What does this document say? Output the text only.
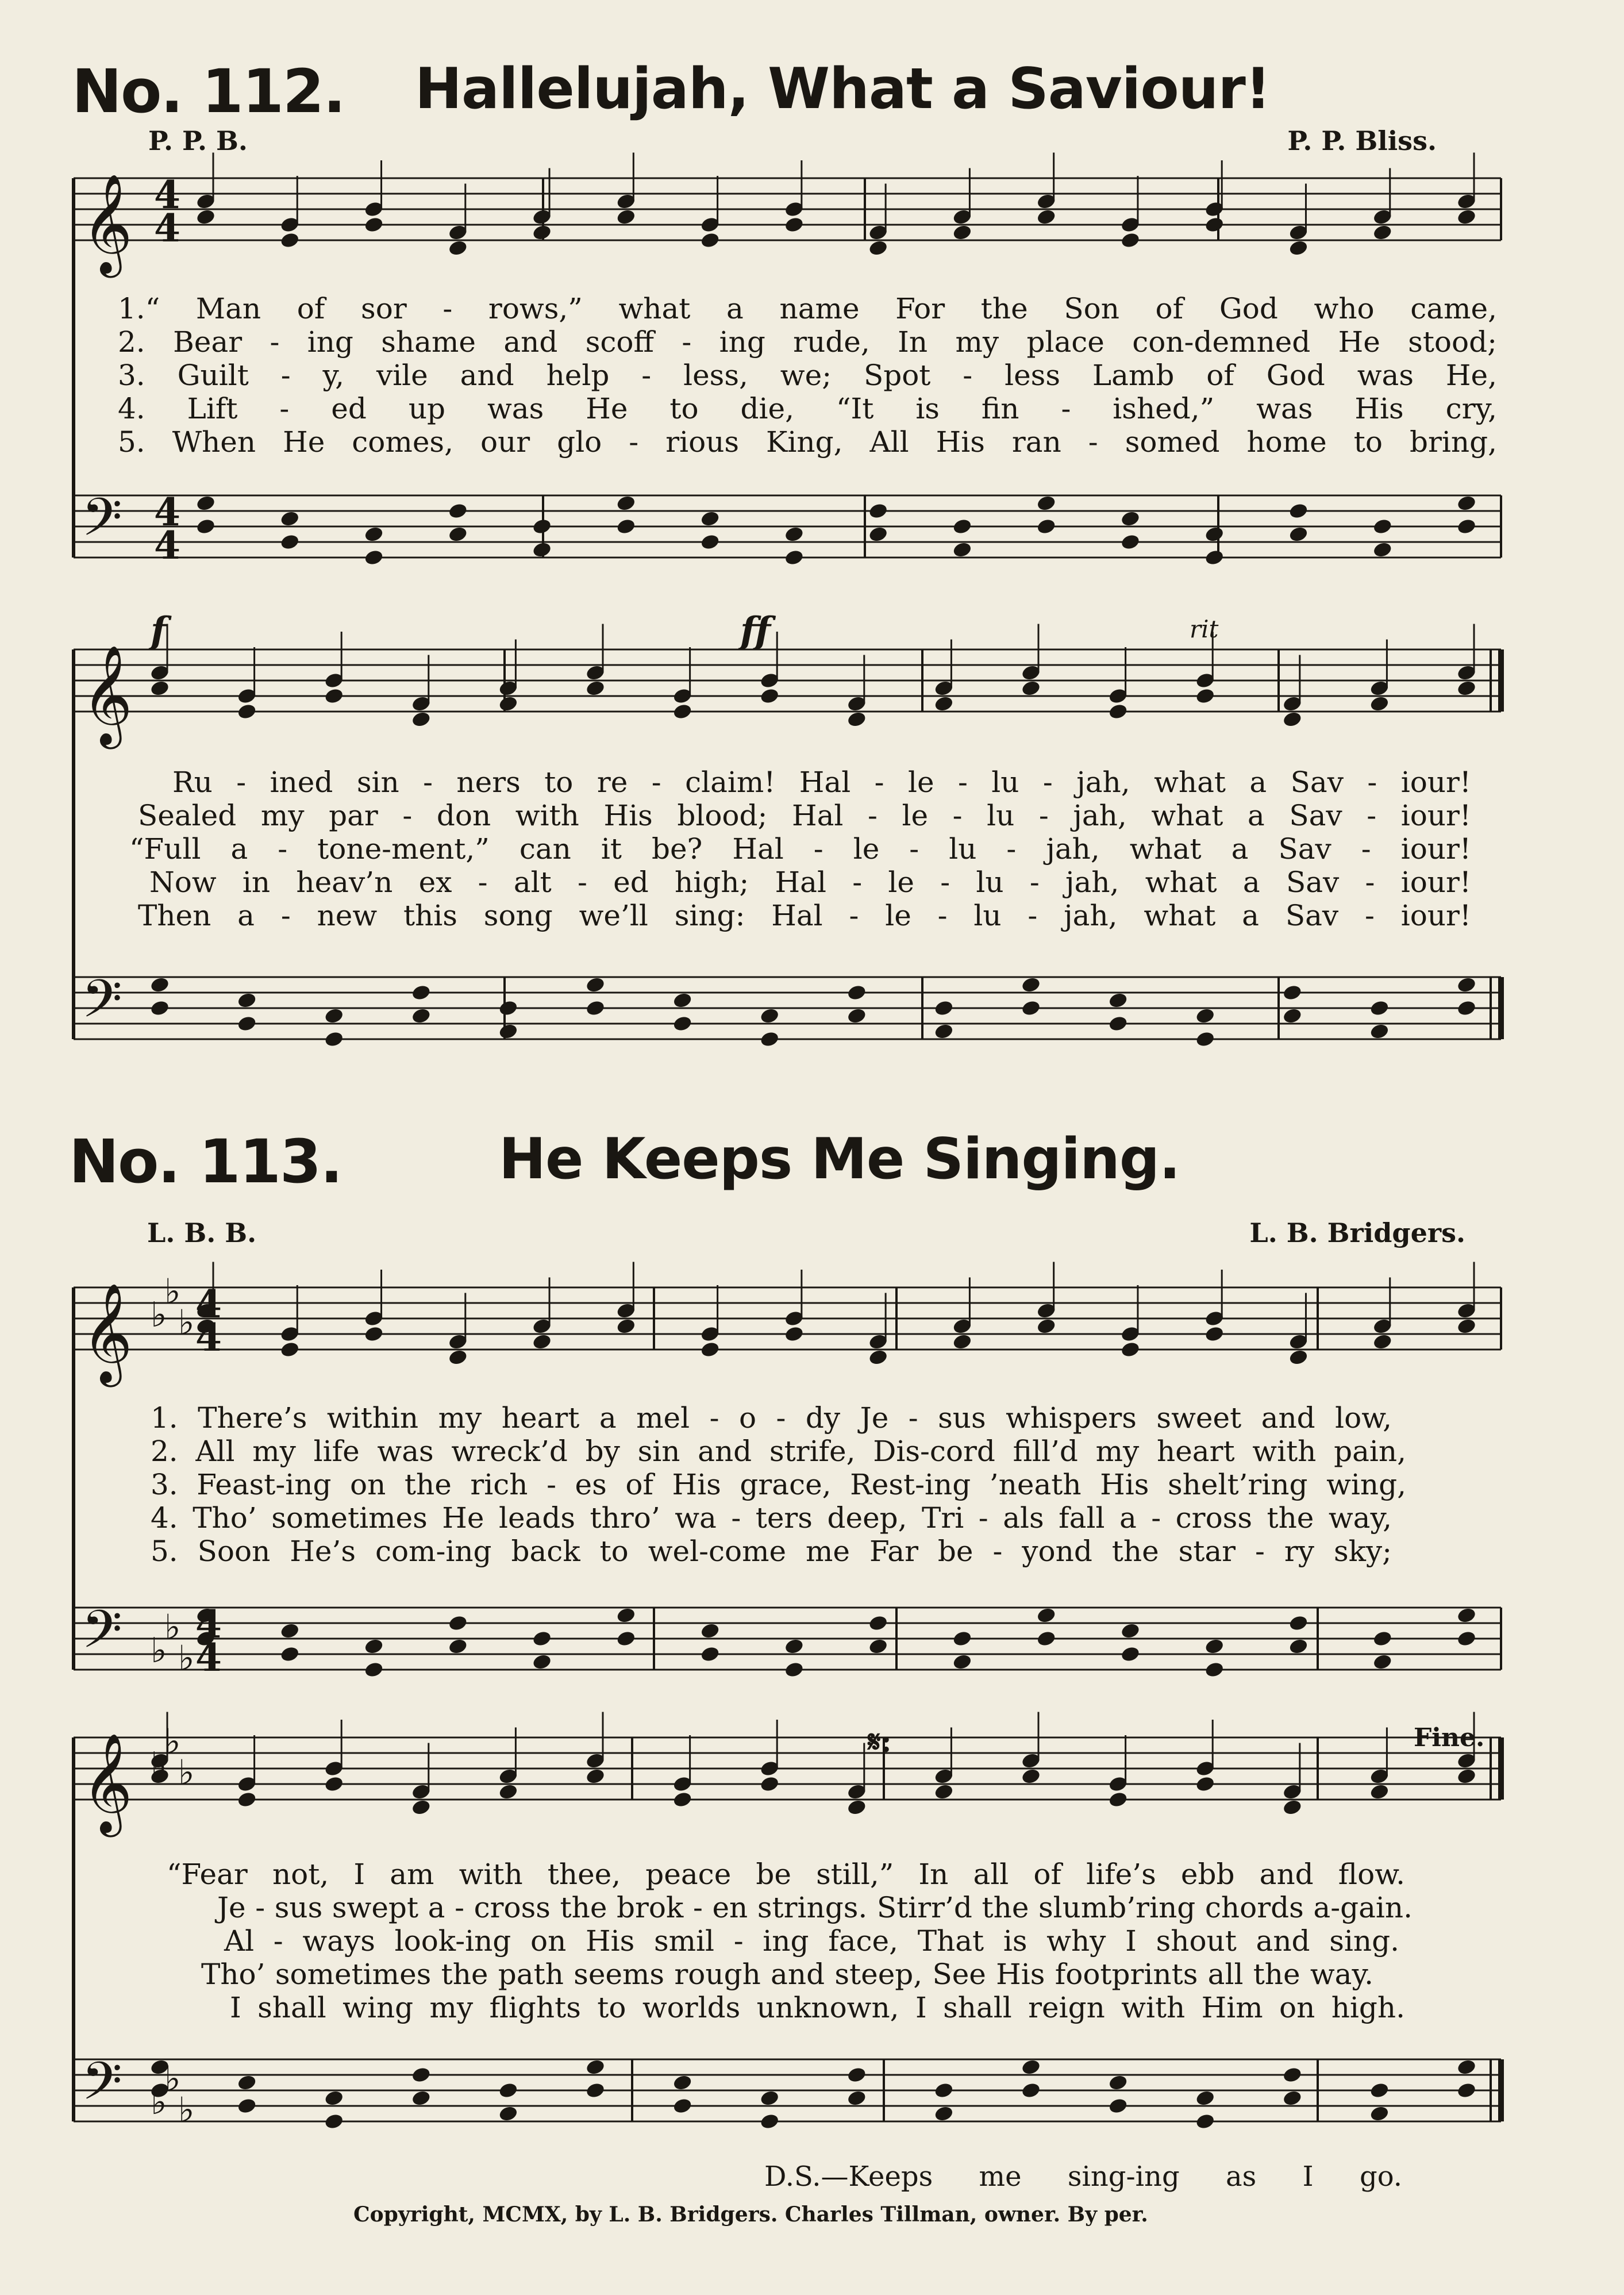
No. 112. Hallelujah, What a Saviour!
P. P. B.	P. P. Bliss.
No. 113.	He Keeps Me Singing.
L. B. B.	L. B. Bridgers.
𝄞
𝄢
𝄞
𝄢
𝄞
𝄢
𝄞
𝄢
4
4
4
4
♭
♭
♭ 4
4
♭
♭
♭
4
4
♭
♭
♭
♭
♭
♭
f	ff	rit
𝄋:	Fine.
1.“ Man of sor - rows,” what a name For the Son of God who came,
2. Bear - ing shame and scoff - ing rude, In my place con-demned He stood;
3. Guilt - y, vile and help - less, we; Spot - less Lamb of God was He,
4. Lift - ed up was He to die, “It is fin - ished,” was His cry,
5. When He comes, our glo - rious King, All His ran - somed home to bring,
Ru - ined sin - ners to re - claim! Hal - le - lu - jah, what a Sav - iour!
Sealed my par - don with His blood; Hal - le - lu - jah, what a Sav - iour!
“Full a - tone-ment,” can it be? Hal - le - lu - jah, what a Sav - iour!
Now in heav’n ex - alt - ed high; Hal - le - lu - jah, what a Sav - iour!
Then a - new this song we’ll sing: Hal - le - lu - jah, what a Sav - iour!
1. There’s within my heart a mel - o - dy Je - sus whispers sweet and low,
2. All my life was wreck’d by sin and strife, Dis-cord fill’d my heart with pain,
3. Feast-ing on the rich - es of His grace, Rest-ing ’neath His shelt’ring wing,
4. Tho’ sometimes He leads thro’ wa - ters deep, Tri - als fall a - cross the way,
5. Soon He’s com-ing back to wel-come me Far be - yond the star - ry sky;
“Fear not, I am with thee, peace be still,” In all of life’s ebb and flow.
Je - sus swept a - cross the brok - en strings. Stirr’d the slumb’ring chords a-gain.
Al - ways look-ing on His smil - ing face, That is why I shout and sing.
Tho’ sometimes the path seems rough and steep, See His footprints all the way.
I shall wing my flights to worlds unknown, I shall reign with Him on high.
D.S.—Keeps me sing-ing as I go.
Copyright, MCMX, by L. B. Bridgers. Charles Tillman, owner. By per.
